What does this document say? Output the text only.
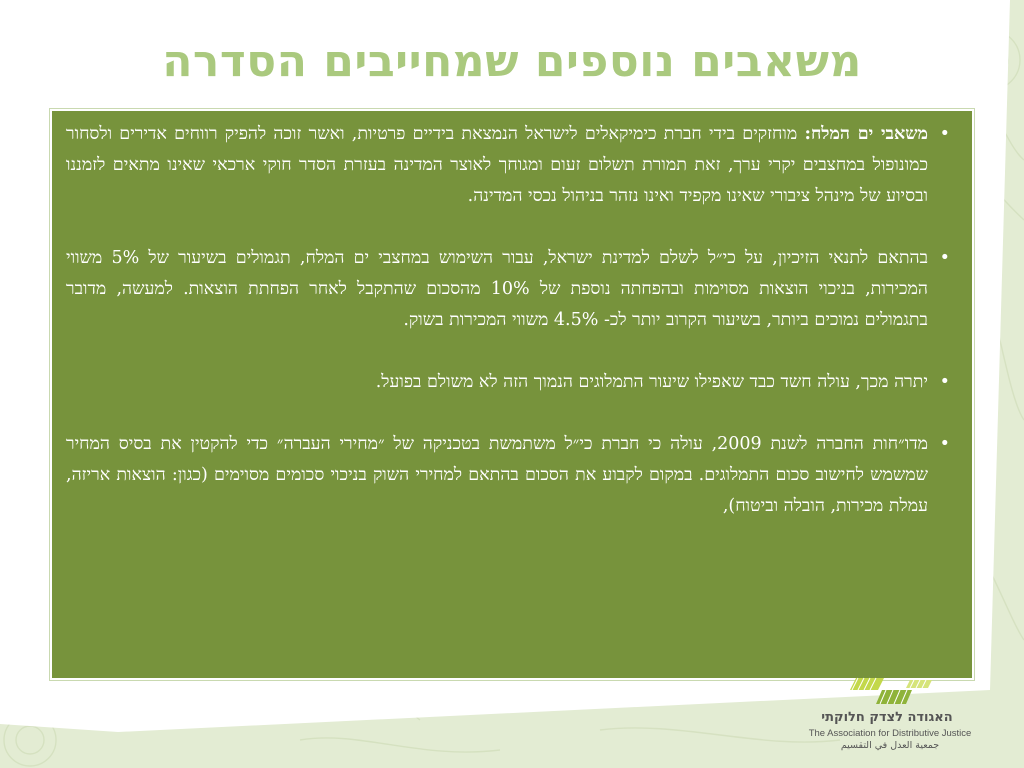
משאבים נוספים שמחייבים הסדרה
•
משאבי ים המלח: מוחזקים בידי חברת כימיקאלים לישראל הנמצאת בידיים פרטיות, ואשר זוכה להפיק רווחים אדירים ולסחור כמונופול במחצבים יקרי ערך, זאת תמורת תשלום זעום ומגוחך לאוצר המדינה בעזרת הסדר חוקי ארכאי שאינו מתאים לזמננו ובסיוע של מינהל ציבורי שאינו מקפיד ואינו נזהר בניהול נכסי המדינה.
•
בהתאם לתנאי הזיכיון, על כי״ל לשלם למדינת ישראל, עבור השימוש במחצבי ים המלח, תגמולים בשיעור של 5% משווי המכירות, בניכוי הוצאות מסוימות ובהפחתה נוספת של 10% מהסכום שהתקבל לאחר הפחתת הוצאות. למעשה, מדובר בתגמולים נמוכים ביותר, בשיעור הקרוב יותר לכ- 4.5% משווי המכירות בשוק.
•
יתרה מכך, עולה חשד כבד שאפילו שיעור התמלוגים הנמוך הזה לא משולם בפועל.
•
מדו״חות החברה לשנת 2009, עולה כי חברת כי״ל משתמשת בטכניקה של ״מחירי העברה״ כדי להקטין את בסיס המחיר שמשמש לחישוב סכום התמלוגים. במקום לקבוע את הסכום בהתאם למחירי השוק בניכוי סכומים מסוימים (כגון: הוצאות אריזה, עמלת מכירות, הובלה וביטוח),
האגודה לצדק חלוקתי
The Association for Distributive Justice
جمعية العدل في التقسيم
